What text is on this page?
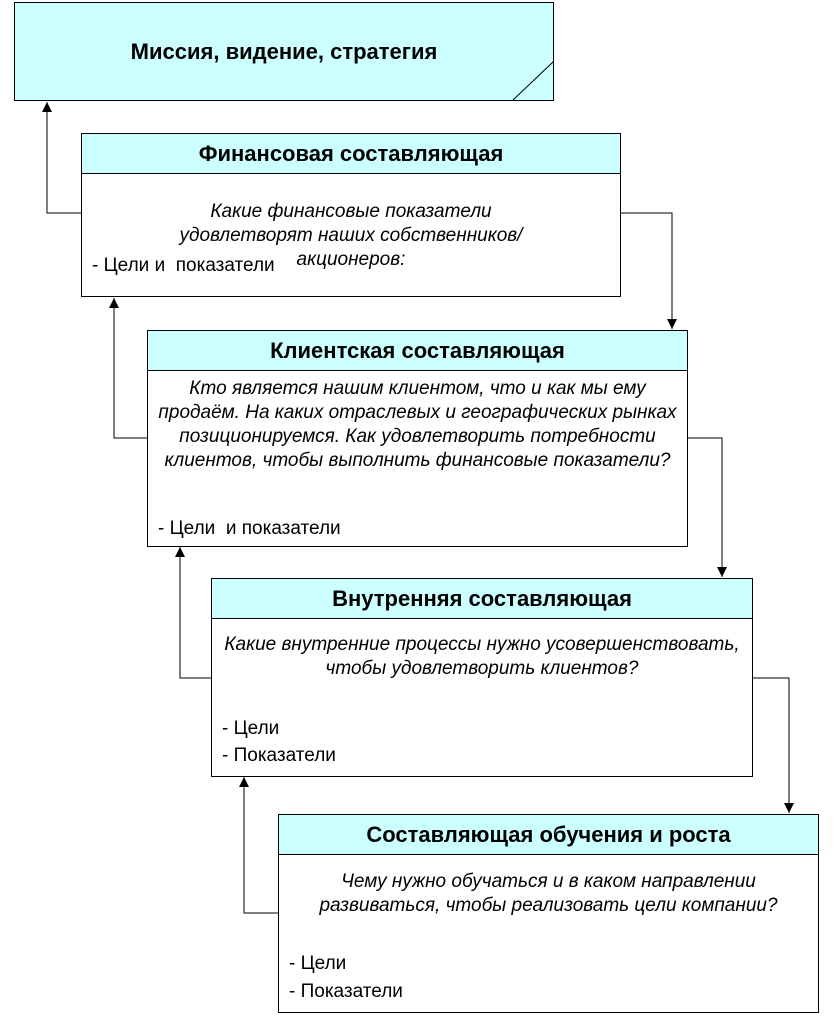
Миссия, видение, стратегия
Финансовая составляющая
Какие финансовые показатели удовлетворят наших собственников/акционеров:
- Цели и  показатели
Клиентская составляющая
Кто является нашим клиентом, что и как мы ему продаём. На каких отраслевых и географических рынках позиционируемся. Как удовлетворить потребности клиентов, чтобы выполнить финансовые показатели?
- Цели  и показатели
Внутренняя составляющая
Какие внутренние процессы нужно усовершенствовать, чтобы удовлетворить клиентов?
- Цели
- Показатели
Составляющая обучения и роста
Чему нужно обучаться и в каком направлении развиваться, чтобы реализовать цели компании?
- Цели
- Показатели
